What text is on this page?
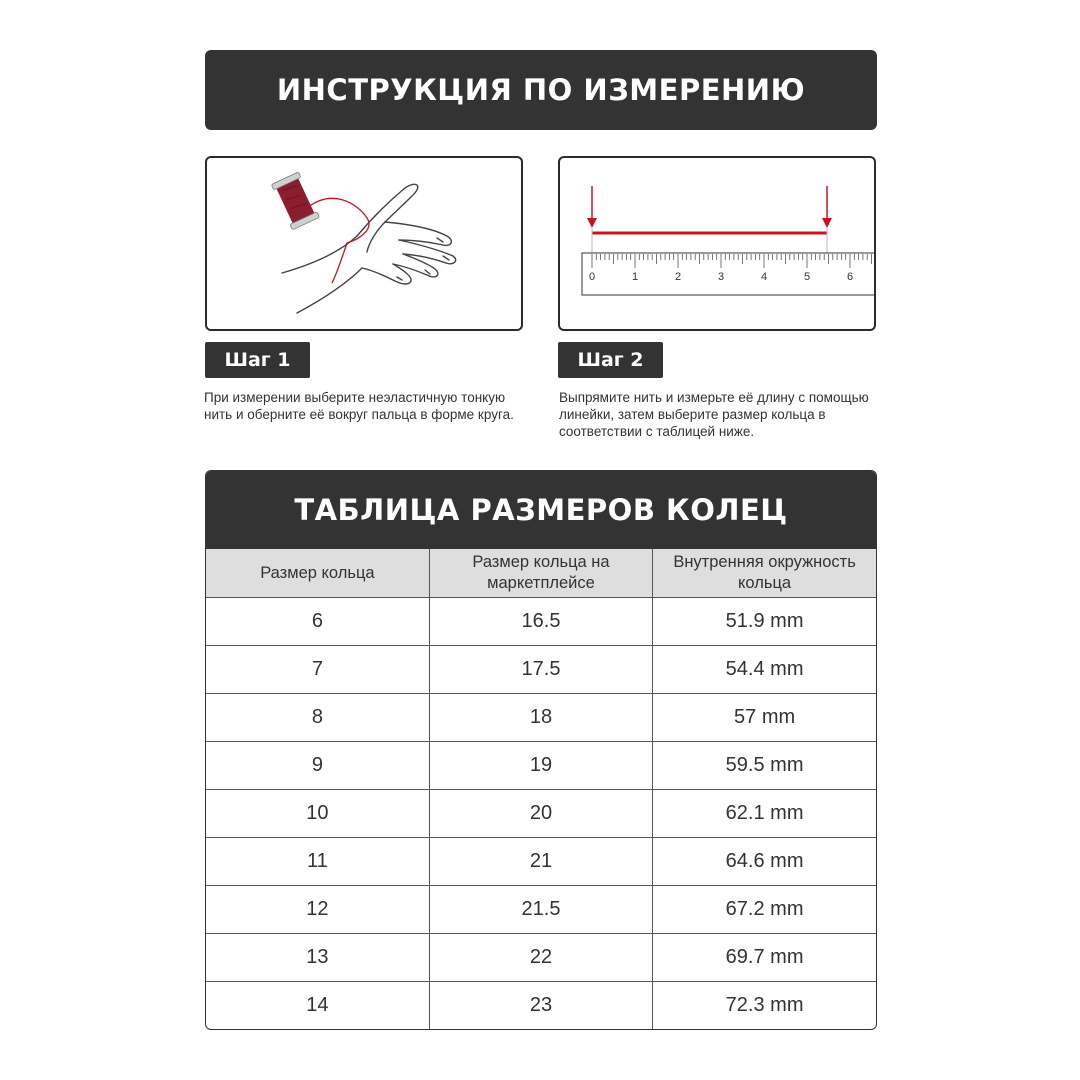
ИНСТРУКЦИЯ ПО ИЗМЕРЕНИЮ
0	1	2	3	4	5	6
Шаг 1	Шаг 2
При измерении выберите неэластичную тонкую нить и оберните её вокруг пальца в форме круга.
Выпрямите нить и измерьте её длину с помощью линейки, затем выберите размер кольца в соответствии с таблицей ниже.
ТАБЛИЦА РАЗМЕРОВ КОЛЕЦ
Размер кольца	Размер кольца на маркетплейсе	Внутренняя окружность кольца
6	16.5	51.9 mm
7	17.5	54.4 mm
8	18	57 mm
9	19	59.5 mm
10	20	62.1 mm
11	21	64.6 mm
12	21.5	67.2 mm
13	22	69.7 mm
14	23	72.3 mm
